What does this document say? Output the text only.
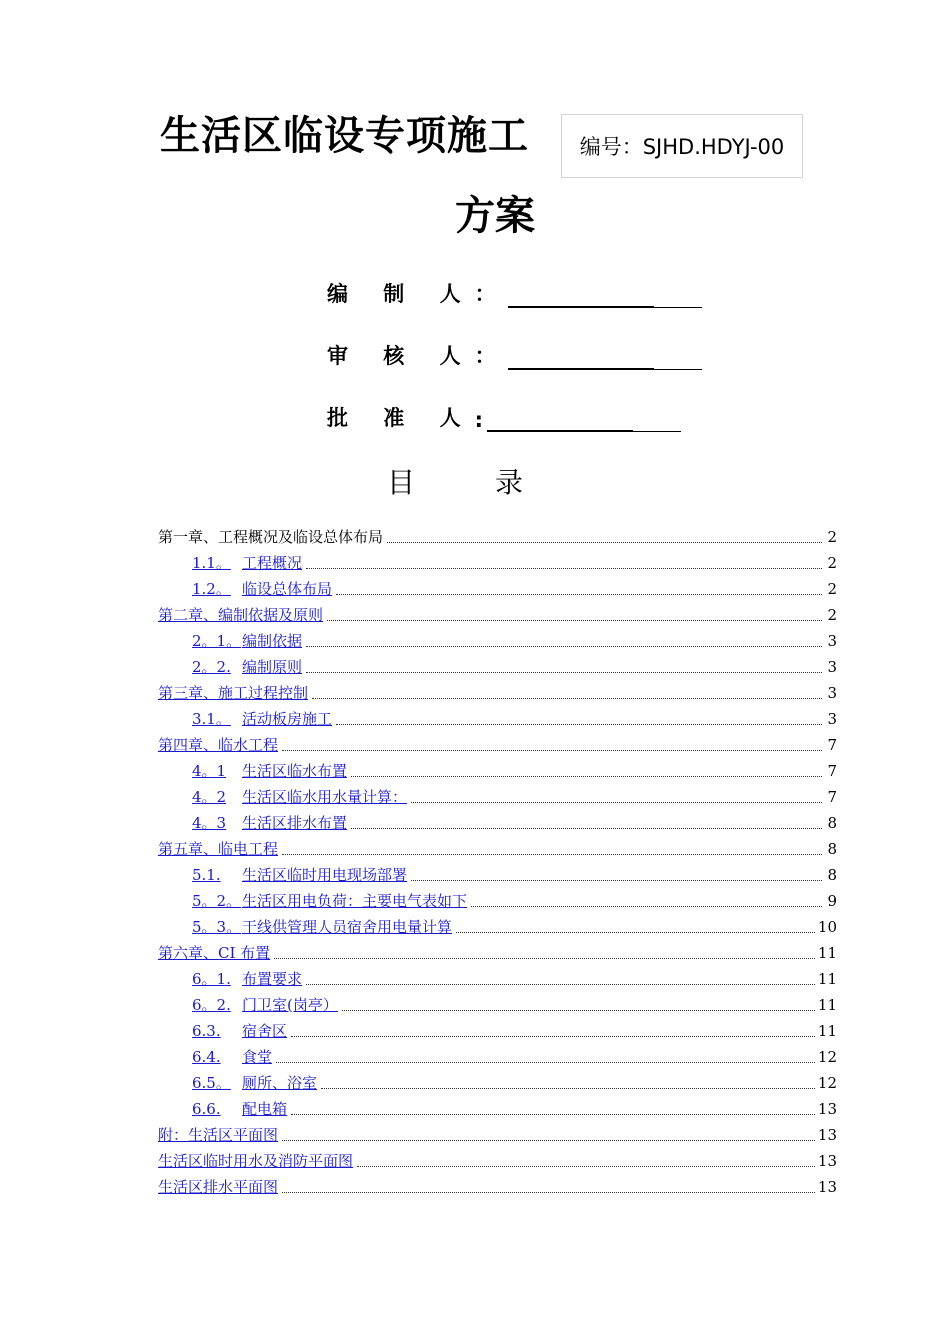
生活区临设专项施工
方案
编号：SJHD.HDYJ-00
编 制 人 ：
审 核 人 ：
批 准 人 :
目录
第一章、工程概况及临设总体布局	2
1.1。 工程概况	2
1.2。 临设总体布局	2
第二章、编制依据及原则	2
2。1。 编制依据	3
2。2. 编制原则	3
第三章、施工过程控制	3
3.1。 活动板房施工	3
第四章、临水工程	7
4。1	生活区临水布置	7
4。2	生活区临水用水量计算：	7
4。3	生活区排水布置	8
第五章、临电工程	8
5.1.	生活区临时用电现场部署	8
5。2。 生活区用电负荷：主要电气表如下	9
5。3。 干线供管理人员宿舍用电量计算	10
第六章、CI 布置	11
6。1. 布置要求	11
6。2. 门卫室(岗亭）	11
6.3.	宿舍区	11
6.4.	食堂	12
6.5。 厕所、浴室	12
6.6.	配电箱	13
附：生活区平面图	13
生活区临时用水及消防平面图	13
生活区排水平面图	13
